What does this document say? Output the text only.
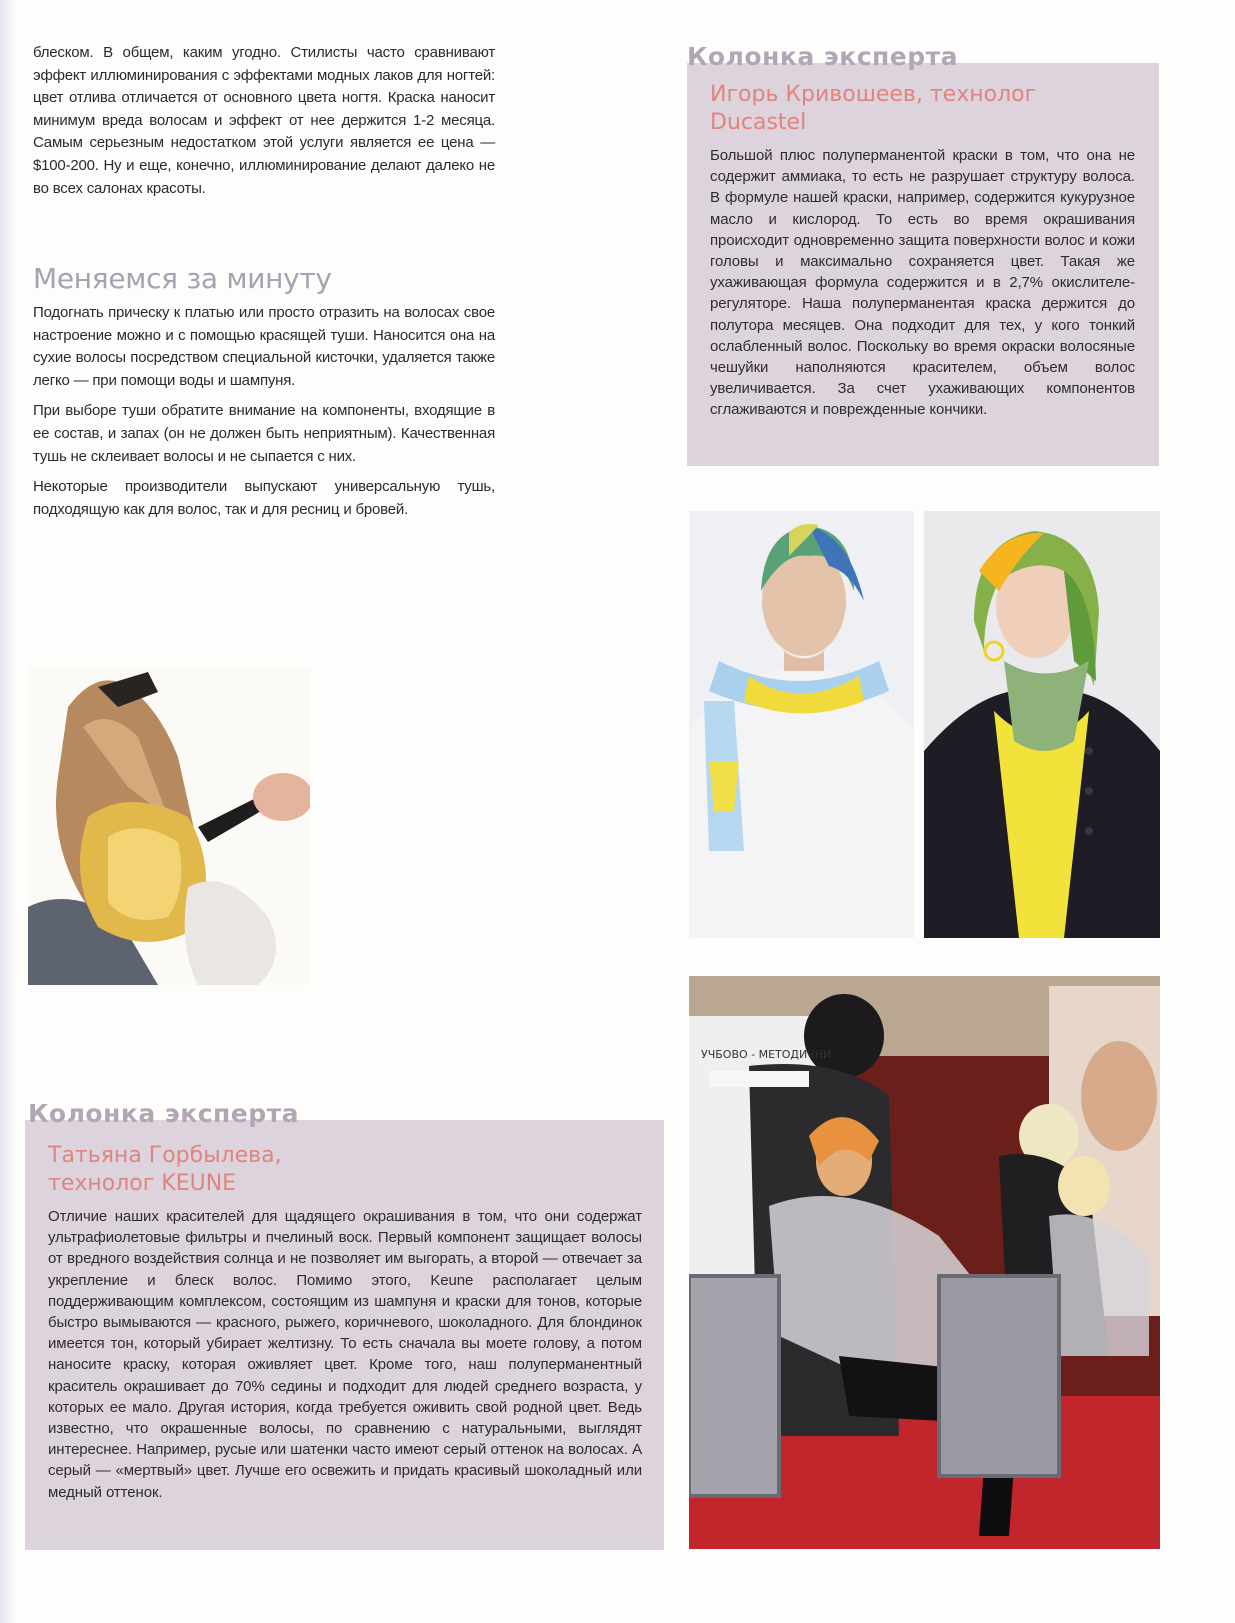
блеском. В общем, каким угодно. Стилисты часто сравнивают эффект иллюминирования с эффектами модных лаков для ногтей: цвет отлива отличается от основного цвета ногтя. Краска наносит минимум вреда волосам и эффект от нее держится 1-2 месяца. Самым серьезным недостатком этой услуги является ее цена — $100-200. Ну и еще, конечно, иллюминирование делают далеко не во всех салонах красоты.

Меняемся за минуту

Подогнать прическу к платью или просто отразить на волосах свое настроение можно и с помощью красящей туши. Наносится она на сухие волосы посредством специальной кисточки, удаляется также легко — при помощи воды и шампуня.

При выборе туши обратите внимание на компоненты, входящие в ее состав, и запах (он не должен быть неприятным). Качественная тушь не склеивает волосы и не сыпается с них.

Некоторые производители выпускают универсальную тушь, подходящую как для волос, так и для ресниц и бровей.

Игорь Кривошеев, технолог
Ducastel

Большой плюс полуперманентой краски в том, что она не содержит аммиака, то есть не разрушает структуру волоса. В формуле нашей краски, например, содержится кукурузное масло и кислород. То есть во время окрашивания происходит одновременно защита поверхности волос и кожи головы и максимально сохраняется цвет. Такая же ухаживающая формула содержится и в 2,7% окислителе-регуляторе. Наша полуперманентая краска держится до полутора месяцев. Она подходит для тех, у кого тонкий ослабленный волос. Поскольку во время окраски волосяные чешуйки наполняются красителем, объем волос увеличивается. За счет ухаживающих компонентов сглаживаются и поврежденные кончики.

Колонка эксперта
УЧБОВО - МЕТОДИЧНИ
Татьяна Горбылева,
технолог KEUNE

Отличие наших красителей для щадящего окрашивания в том, что они содержат ультрафиолетовые фильтры и пчелиный воск. Первый компонент защищает волосы от вредного воздействия солнца и не позволяет им выгорать, а второй — отвечает за укрепление и блеск волос. Помимо этого, Keune располагает целым поддерживающим комплексом, состоящим из шампуня и краски для тонов, которые быстро вымываются — красного, рыжего, коричневого, шоколадного. Для блондинок имеется тон, который убирает желтизну. То есть сначала вы моете голову, а потом наносите краску, которая оживляет цвет. Кроме того, наш полуперманентный краситель окрашивает до 70% седины и подходит для людей среднего возраста, у которых ее мало. Другая история, когда требуется оживить свой родной цвет. Ведь известно, что окрашенные волосы, по сравнению с натуральными, выглядят интереснее. Например, русые или шатенки часто имеют серый оттенок на волосах. А серый — «мертвый» цвет. Лучше его освежить и придать красивый шоколадный или медный оттенок.

Колонка эксперта
